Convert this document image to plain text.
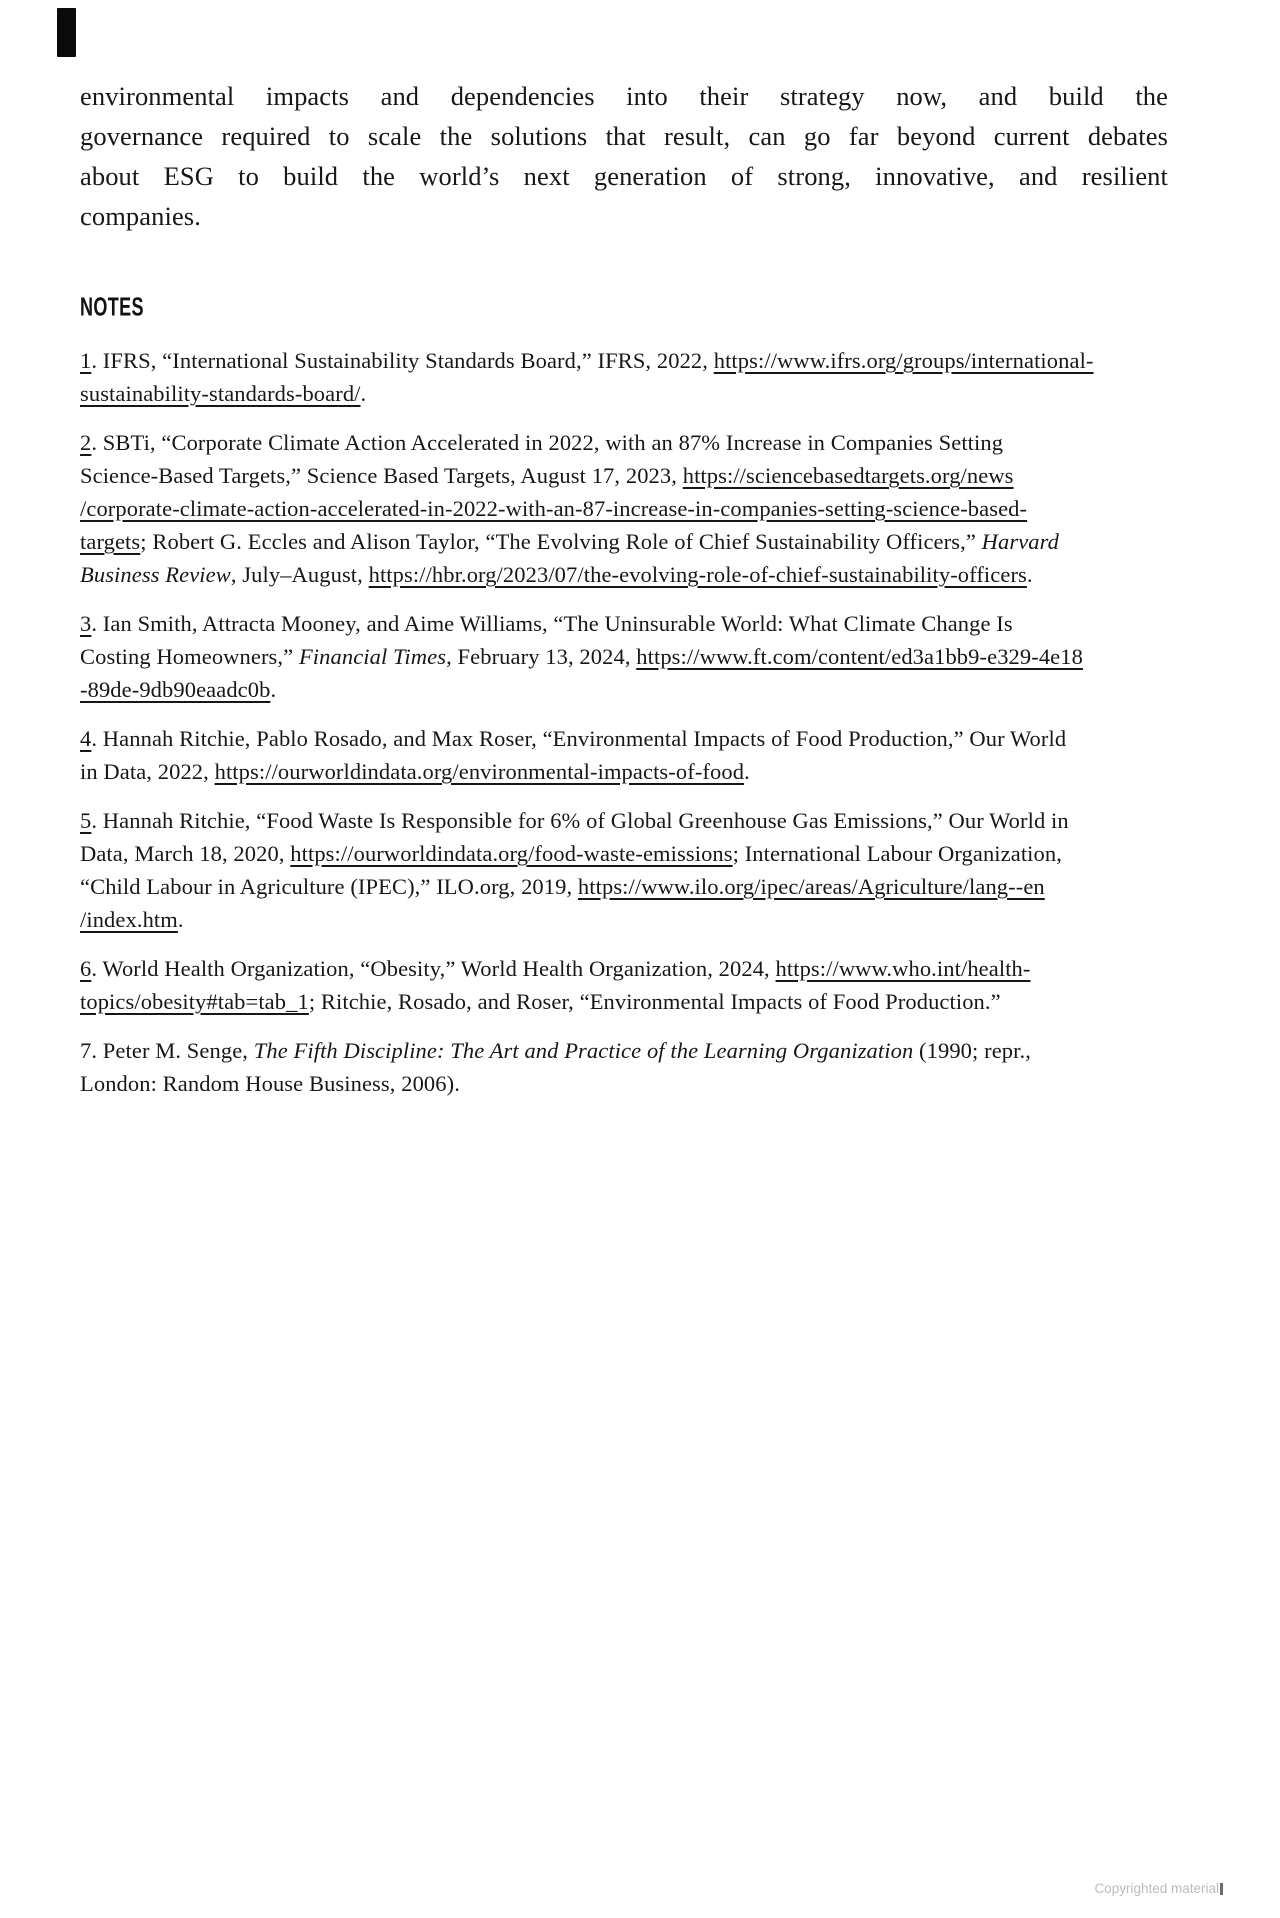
environmental impacts and dependencies into their strategy now, and build the
governance required to scale the solutions that result, can go far beyond current debates
about ESG to build the world’s next generation of strong, innovative, and resilient
companies.
NOTES
1. IFRS, “International Sustainability Standards Board,” IFRS, 2022, https://www.ifrs.org/groups/international-
sustainability-standards-board/.
2. SBTi, “Corporate Climate Action Accelerated in 2022, with an 87% Increase in Companies Setting
Science-Based Targets,” Science Based Targets, August 17, 2023, https://sciencebasedtargets.org/news
/corporate-climate-action-accelerated-in-2022-with-an-87-increase-in-companies-setting-science-based-
targets; Robert G. Eccles and Alison Taylor, “The Evolving Role of Chief Sustainability Officers,” Harvard
Business Review, July–August, https://hbr.org/2023/07/the-evolving-role-of-chief-sustainability-officers.
3. Ian Smith, Attracta Mooney, and Aime Williams, “The Uninsurable World: What Climate Change Is
Costing Homeowners,” Financial Times, February 13, 2024, https://www.ft.com/content/ed3a1bb9-e329-4e18
-89de-9db90eaadc0b.
4. Hannah Ritchie, Pablo Rosado, and Max Roser, “Environmental Impacts of Food Production,” Our World
in Data, 2022, https://ourworldindata.org/environmental-impacts-of-food.
5. Hannah Ritchie, “Food Waste Is Responsible for 6% of Global Greenhouse Gas Emissions,” Our World in
Data, March 18, 2020, https://ourworldindata.org/food-waste-emissions; International Labour Organization,
“Child Labour in Agriculture (IPEC),” ILO.org, 2019, https://www.ilo.org/ipec/areas/Agriculture/lang--en
/index.htm.
6. World Health Organization, “Obesity,” World Health Organization, 2024, https://www.who.int/health-
topics/obesity#tab=tab_1; Ritchie, Rosado, and Roser, “Environmental Impacts of Food Production.”
7. Peter M. Senge, The Fifth Discipline: The Art and Practice of the Learning Organization (1990; repr.,
London: Random House Business, 2006).
Copyrighted material
